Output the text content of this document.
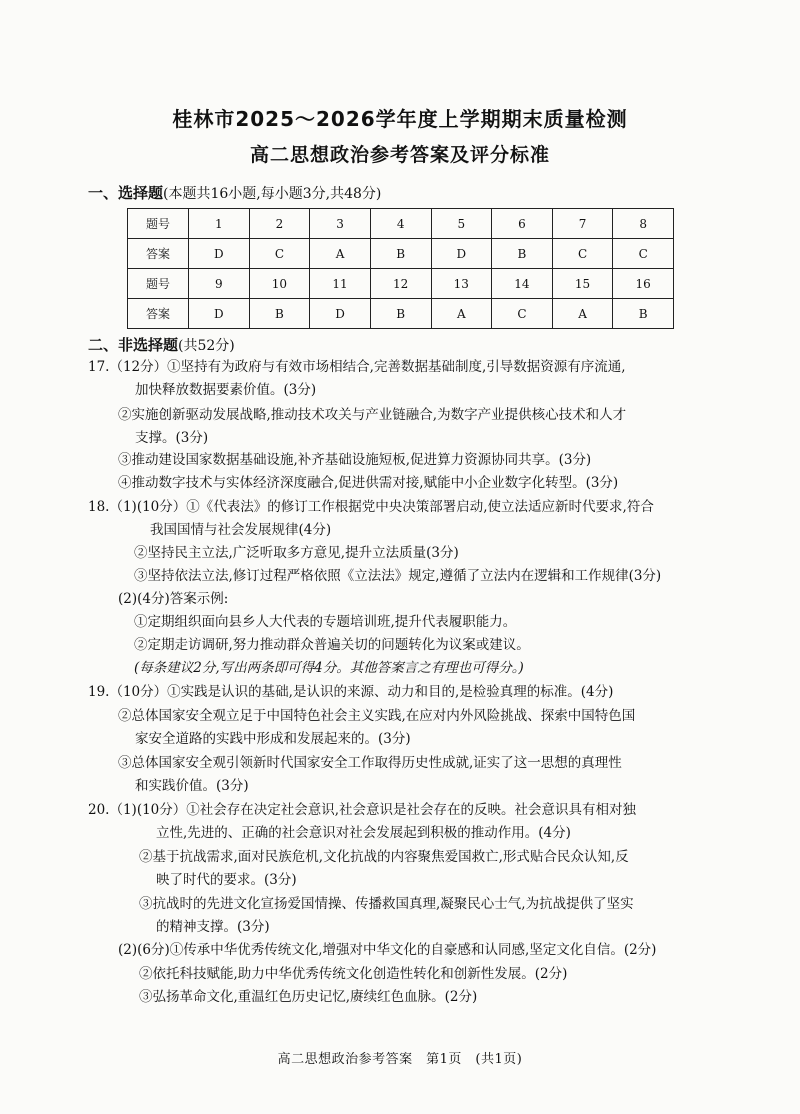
桂林市2025～2026学年度上学期期末质量检测
高二思想政治参考答案及评分标准
一、选择题(本题共16小题,每小题3分,共48分)
题号	1	2	3	4	5	6	7	8
答案	D	C	A	B	D	B	C	C
题号	9	10	11	12	13	14	15	16
答案	D	B	D	B	A	C	A	B
二、非选择题(共52分)
17.（12分）①坚持有为政府与有效市场相结合,完善数据基础制度,引导数据资源有序流通,
加快释放数据要素价值。(3分)
②实施创新驱动发展战略,推动技术攻关与产业链融合,为数字产业提供核心技术和人才
支撑。(3分)
③推动建设国家数据基础设施,补齐基础设施短板,促进算力资源协同共享。(3分)
④推动数字技术与实体经济深度融合,促进供需对接,赋能中小企业数字化转型。(3分)
18.（1)(10分）①《代表法》的修订工作根据党中央决策部署启动,使立法适应新时代要求,符合
我国国情与社会发展规律(4分)
②坚持民主立法,广泛听取多方意见,提升立法质量(3分)
③坚持依法立法,修订过程严格依照《立法法》规定,遵循了立法内在逻辑和工作规律(3分)
(2)(4分)答案示例:
①定期组织面向县乡人大代表的专题培训班,提升代表履职能力。
②定期走访调研,努力推动群众普遍关切的问题转化为议案或建议。
(每条建议2分,写出两条即可得4分。其他答案言之有理也可得分。)
19.（10分）①实践是认识的基础,是认识的来源、动力和目的,是检验真理的标准。(4分)
②总体国家安全观立足于中国特色社会主义实践,在应对内外风险挑战、探索中国特色国
家安全道路的实践中形成和发展起来的。(3分)
③总体国家安全观引领新时代国家安全工作取得历史性成就,证实了这一思想的真理性
和实践价值。(3分)
20.（1)(10分）①社会存在决定社会意识,社会意识是社会存在的反映。社会意识具有相对独
立性,先进的、正确的社会意识对社会发展起到积极的推动作用。(4分)
②基于抗战需求,面对民族危机,文化抗战的内容聚焦爱国救亡,形式贴合民众认知,反
映了时代的要求。(3分)
③抗战时的先进文化宣扬爱国情操、传播救国真理,凝聚民心士气,为抗战提供了坚实
的精神支撑。(3分)
(2)(6分)①传承中华优秀传统文化,增强对中华文化的自豪感和认同感,坚定文化自信。(2分)
②依托科技赋能,助力中华优秀传统文化创造性转化和创新性发展。(2分)
③弘扬革命文化,重温红色历史记忆,赓续红色血脉。(2分)
高二思想政治参考答案　第1页　(共1页)
